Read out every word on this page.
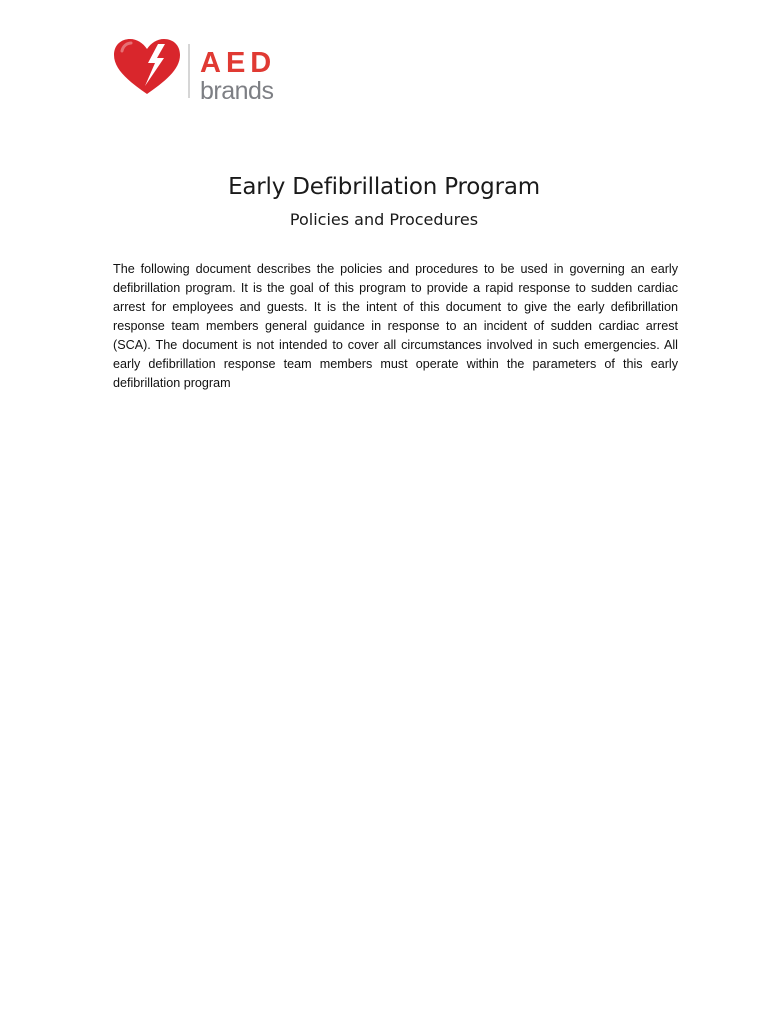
AED
brands
Early Defibrillation Program
Policies and Procedures

The following document describes the policies and procedures to be used in governing an early defibrillation program. It is the goal of this program to provide a rapid response to sudden cardiac arrest for employees and guests. It is the intent of this document to give the early defibrillation response team members general guidance in response to an incident of sudden cardiac arrest (SCA). The document is not intended to cover all circumstances involved in such emergencies. All early defibrillation response team members must operate within the parameters of this early defibrillation program
